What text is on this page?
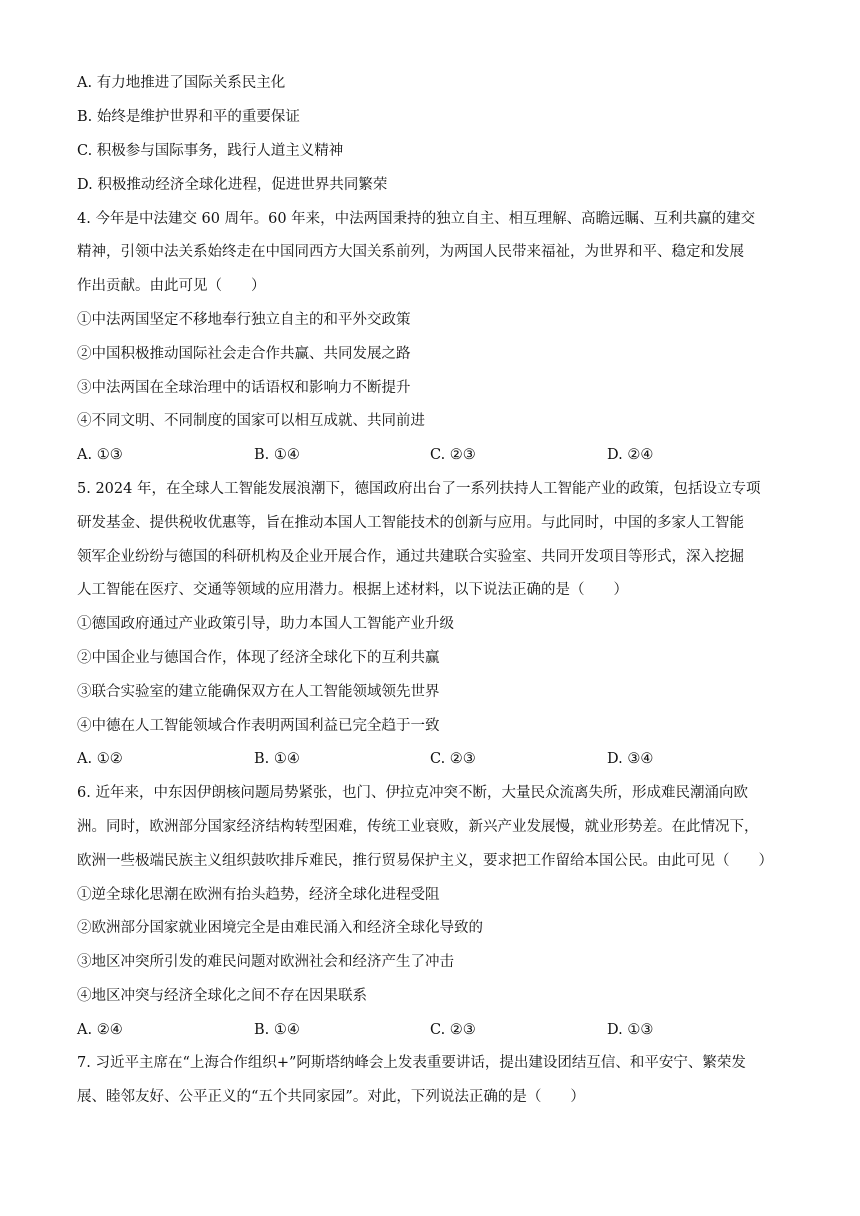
A. 有力地推进了国际关系民主化
B. 始终是维护世界和平的重要保证
C. 积极参与国际事务，践行人道主义精神
D. 积极推动经济全球化进程，促进世界共同繁荣
4. 今年是中法建交 60 周年。60 年来，中法两国秉持的独立自主、相互理解、高瞻远瞩、互利共赢的建交
精神，引领中法关系始终走在中国同西方大国关系前列，为两国人民带来福祉，为世界和平、稳定和发展
作出贡献。由此可见（　　）
①中法两国坚定不移地奉行独立自主的和平外交政策
②中国积极推动国际社会走合作共赢、共同发展之路
③中法两国在全球治理中的话语权和影响力不断提升
④不同文明、不同制度的国家可以相互成就、共同前进
A. ①③	B. ①④	C. ②③	D. ②④
5. 2024 年，在全球人工智能发展浪潮下，德国政府出台了一系列扶持人工智能产业的政策，包括设立专项
研发基金、提供税收优惠等，旨在推动本国人工智能技术的创新与应用。与此同时，中国的多家人工智能
领军企业纷纷与德国的科研机构及企业开展合作，通过共建联合实验室、共同开发项目等形式，深入挖掘
人工智能在医疗、交通等领域的应用潜力。根据上述材料，以下说法正确的是（　　）
①德国政府通过产业政策引导，助力本国人工智能产业升级
②中国企业与德国合作，体现了经济全球化下的互利共赢
③联合实验室的建立能确保双方在人工智能领域领先世界
④中德在人工智能领域合作表明两国利益已完全趋于一致
A. ①②	B. ①④	C. ②③	D. ③④
6. 近年来，中东因伊朗核问题局势紧张，也门、伊拉克冲突不断，大量民众流离失所，形成难民潮涌向欧
洲。同时，欧洲部分国家经济结构转型困难，传统工业衰败，新兴产业发展慢，就业形势差。在此情况下，
欧洲一些极端民族主义组织鼓吹排斥难民，推行贸易保护主义，要求把工作留给本国公民。由此可见（　　）
①逆全球化思潮在欧洲有抬头趋势，经济全球化进程受阻
②欧洲部分国家就业困境完全是由难民涌入和经济全球化导致的
③地区冲突所引发的难民问题对欧洲社会和经济产生了冲击
④地区冲突与经济全球化之间不存在因果联系
A. ②④	B. ①④	C. ②③	D. ①③
7. 习近平主席在“上海合作组织+”阿斯塔纳峰会上发表重要讲话，提出建设团结互信、和平安宁、繁荣发
展、睦邻友好、公平正义的“五个共同家园”。对此，下列说法正确的是（　　）
